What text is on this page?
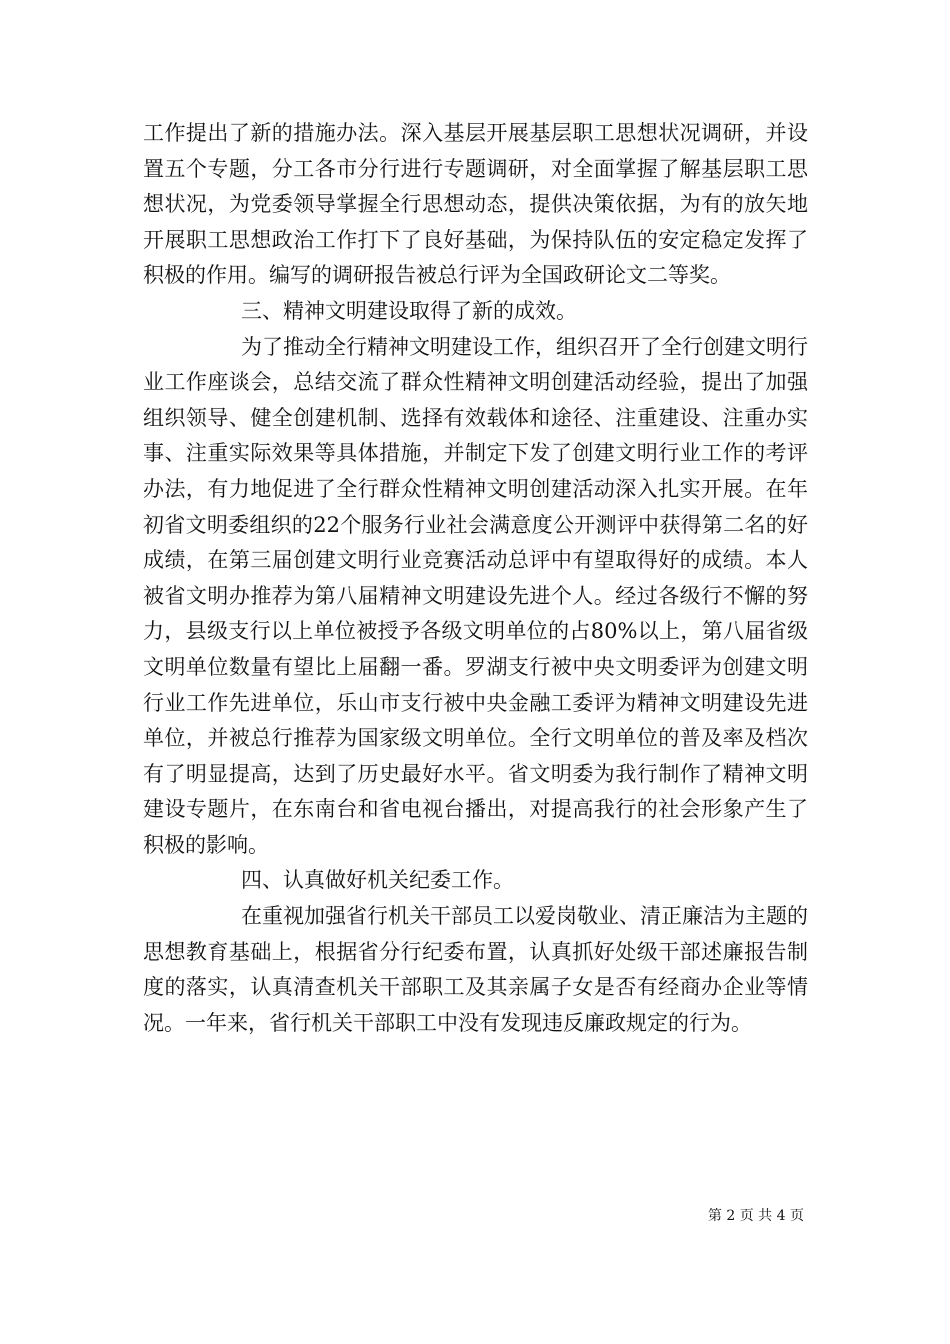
工作提出了新的措施办法。深入基层开展基层职工思想状况调研，并设置五个专题，分工各市分行进行专题调研，对全面掌握了解基层职工思想状况，为党委领导掌握全行思想动态，提供决策依据，为有的放矢地开展职工思想政治工作打下了良好基础，为保持队伍的安定稳定发挥了积极的作用。编写的调研报告被总行评为全国政研论文二等奖。

三、精神文明建设取得了新的成效。

为了推动全行精神文明建设工作，组织召开了全行创建文明行业工作座谈会，总结交流了群众性精神文明创建活动经验，提出了加强组织领导、健全创建机制、选择有效载体和途径、注重建设、注重办实事、注重实际效果等具体措施，并制定下发了创建文明行业工作的考评办法，有力地促进了全行群众性精神文明创建活动深入扎实开展。在年初省文明委组织的22个服务行业社会满意度公开测评中获得第二名的好成绩，在第三届创建文明行业竞赛活动总评中有望取得好的成绩。本人被省文明办推荐为第八届精神文明建设先进个人。经过各级行不懈的努力，县级支行以上单位被授予各级文明单位的占80%以上，第八届省级文明单位数量有望比上届翻一番。罗湖支行被中央文明委评为创建文明行业工作先进单位，乐山市支行被中央金融工委评为精神文明建设先进单位，并被总行推荐为国家级文明单位。全行文明单位的普及率及档次有了明显提高，达到了历史最好水平。省文明委为我行制作了精神文明建设专题片，在东南台和省电视台播出，对提高我行的社会形象产生了积极的影响。

四、认真做好机关纪委工作。

在重视加强省行机关干部员工以爱岗敬业、清正廉洁为主题的思想教育基础上，根据省分行纪委布置，认真抓好处级干部述廉报告制度的落实，认真清查机关干部职工及其亲属子女是否有经商办企业等情况。一年来，省行机关干部职工中没有发现违反廉政规定的行为。

第 2 页 共 4 页
